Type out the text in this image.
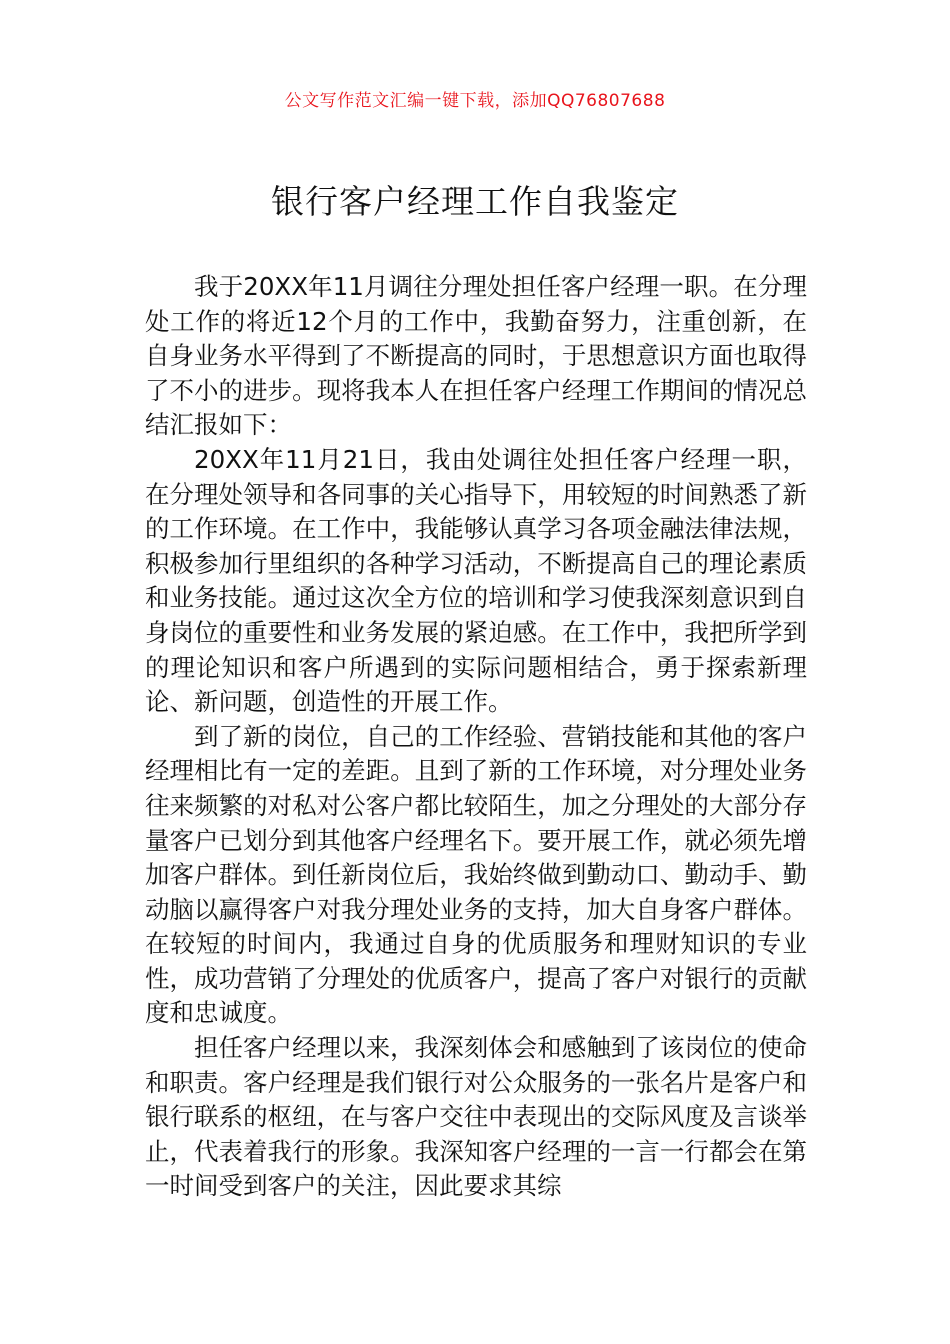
公文写作范文汇编一键下载，添加QQ76807688
银行客户经理工作自我鉴定

我于20XX年11月调往分理处担任客户经理一职。在分理处工作的将近12个月的工作中，我勤奋努力，注重创新，在自身业务水平得到了不断提高的同时，于思想意识方面也取得了不小的进步。现将我本人在担任客户经理工作期间的情况总结汇报如下：

20XX年11月21日，我由处调往处担任客户经理一职，在分理处领导和各同事的关心指导下，用较短的时间熟悉了新的工作环境。在工作中，我能够认真学习各项金融法律法规，积极参加行里组织的各种学习活动，不断提高自己的理论素质和业务技能。通过这次全方位的培训和学习使我深刻意识到自身岗位的重要性和业务发展的紧迫感。在工作中，我把所学到的理论知识和客户所遇到的实际问题相结合，勇于探索新理论、新问题，创造性的开展工作。

到了新的岗位，自己的工作经验、营销技能和其他的客户经理相比有一定的差距。且到了新的工作环境，对分理处业务往来频繁的对私对公客户都比较陌生，加之分理处的大部分存量客户已划分到其他客户经理名下。要开展工作，就必须先增加客户群体。到任新岗位后，我始终做到勤动口、勤动手、勤动脑以赢得客户对我分理处业务的支持，加大自身客户群体。在较短的时间内，我通过自身的优质服务和理财知识的专业性，成功营销了分理处的优质客户，提高了客户对银行的贡献度和忠诚度。

担任客户经理以来，我深刻体会和感触到了该岗位的使命和职责。客户经理是我们银行对公众服务的一张名片是客户和银行联系的枢纽，在与客户交往中表现出的交际风度及言谈举止，代表着我行的形象。我深知客户经理的一言一行都会在第一时间受到客户的关注，因此要求其综
